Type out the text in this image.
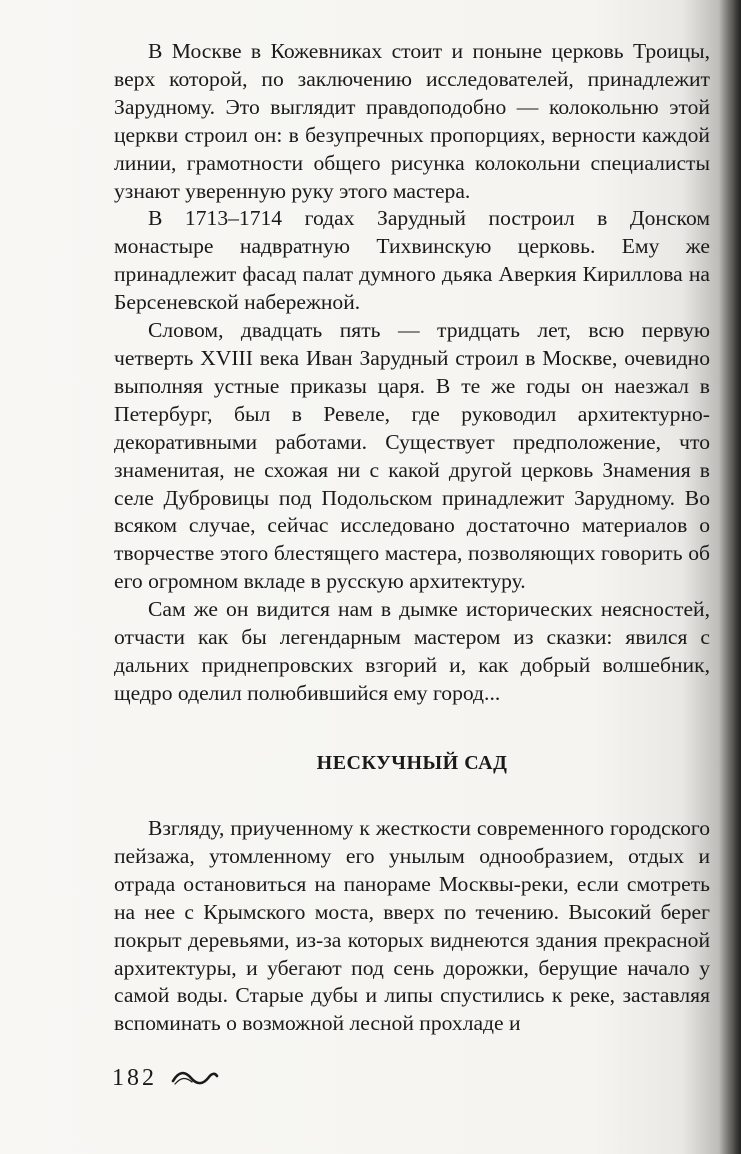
В Москве в Кожевниках стоит и поныне церковь Троицы, верх которой, по заключению исследователей, принадлежит Зарудному. Это выглядит правдоподобно — колокольню этой церкви строил он: в безупречных пропорциях, верности каждой линии, грамотности общего рисунка колокольни специалисты узнают уверенную руку этого мастера.

В 1713–1714 годах Зарудный построил в Донском монастыре надвратную Тихвинскую церковь. Ему же принадлежит фасад палат думного дьяка Аверкия Кириллова на Берсеневской набережной.

Словом, двадцать пять — тридцать лет, всю первую четверть XVIII века Иван Зарудный строил в Москве, очевидно выполняя устные приказы царя. В те же годы он наезжал в Петербург, был в Ревеле, где руководил архитектурно-декоративными работами. Существует предположение, что знаменитая, не схожая ни с какой другой церковь Знамения в селе Дубровицы под Подольском принадлежит Зарудному. Во всяком случае, сейчас исследовано достаточно материалов о творчестве этого блестящего мастера, позволяющих говорить об его огромном вкладе в русскую архитектуру.

Сам же он видится нам в дымке исторических неясностей, отчасти как бы легендарным мастером из сказки: явился с дальних приднепровских взгорий и, как добрый волшебник, щедро оделил полюбившийся ему город...

НЕСКУЧНЫЙ САД

Взгляду, приученному к жесткости современного городского пейзажа, утомленному его унылым однообразием, отдых и отрада остановиться на панораме Москвы-реки, если смотреть на нее с Крымского моста, вверх по течению. Высокий берег покрыт деревьями, из-за которых виднеются здания прекрасной архитектуры, и убегают под сень дорожки, берущие начало у самой воды. Старые дубы и липы спустились к реке, заставляя вспоминать о возможной лесной прохладе и

182
